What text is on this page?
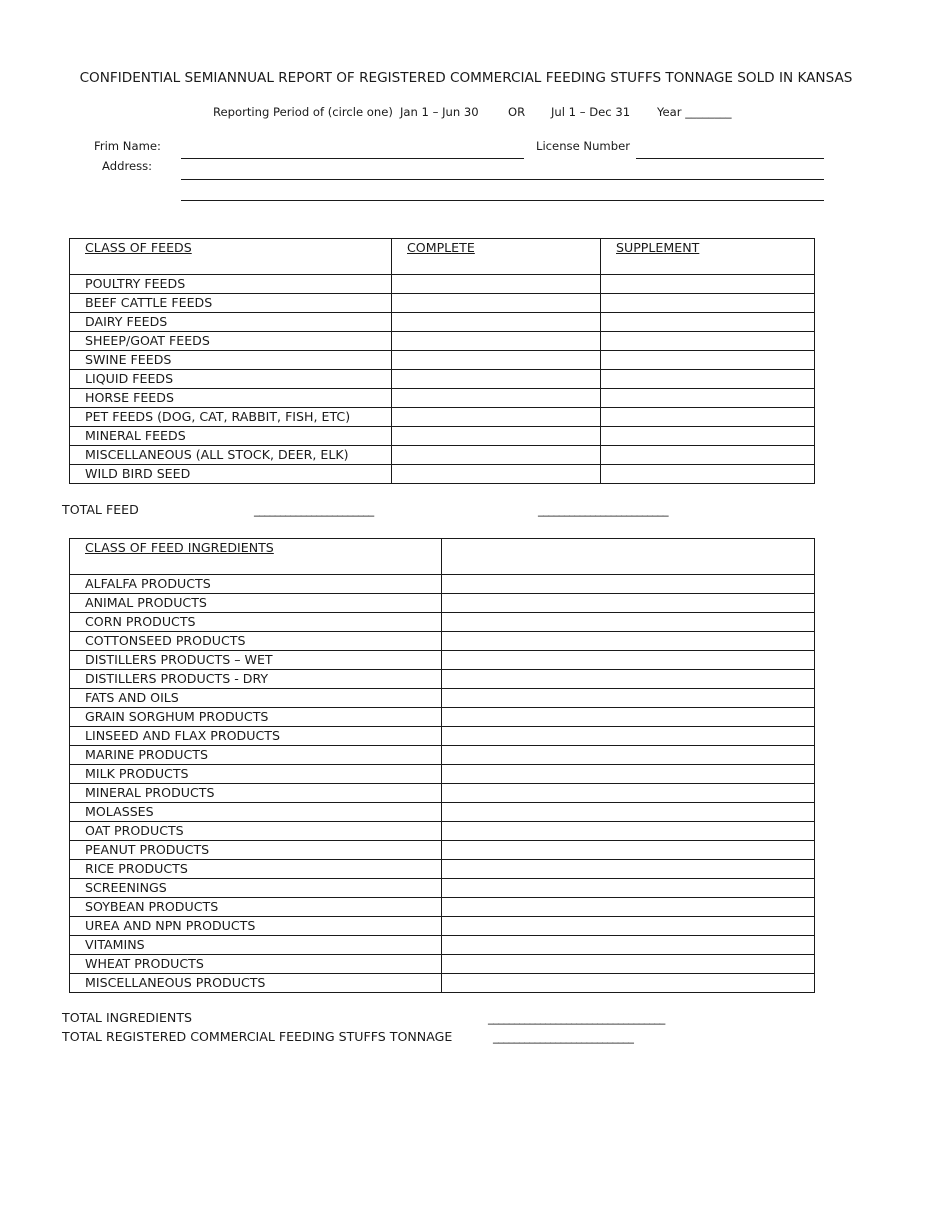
CONFIDENTIAL SEMIANNUAL REPORT OF REGISTERED COMMERCIAL FEEDING STUFFS TONNAGE SOLD IN KANSAS
Reporting Period of (circle one) Jan 1 – Jun 30	OR Jul 1 – Dec 31 Year ________
Frim Name:	License Number
Address:
CLASS OF FEEDS	COMPLETE	SUPPLEMENT
POULTRY FEEDS		
BEEF CATTLE FEEDS		
DAIRY FEEDS		
SHEEP/GOAT FEEDS		
SWINE FEEDS		
LIQUID FEEDS		
HORSE FEEDS		
PET FEEDS (DOG, CAT, RABBIT, FISH, ETC)		
MINERAL FEEDS		
MISCELLANEOUS (ALL STOCK, DEER, ELK)		
WILD BIRD SEED		
TOTAL FEED	_______________________	_________________________
CLASS OF FEED INGREDIENTS	
ALFALFA PRODUCTS	
ANIMAL PRODUCTS	
CORN PRODUCTS	
COTTONSEED PRODUCTS	
DISTILLERS PRODUCTS – WET	
DISTILLERS PRODUCTS - DRY	
FATS AND OILS	
GRAIN SORGHUM PRODUCTS	
LINSEED AND FLAX PRODUCTS	
MARINE PRODUCTS	
MILK PRODUCTS	
MINERAL PRODUCTS	
MOLASSES	
OAT PRODUCTS	
PEANUT PRODUCTS	
RICE PRODUCTS	
SCREENINGS	
SOYBEAN PRODUCTS	
UREA AND NPN PRODUCTS	
VITAMINS	
WHEAT PRODUCTS	
MISCELLANEOUS PRODUCTS	
TOTAL INGREDIENTS	__________________________________
TOTAL REGISTERED COMMERCIAL FEEDING STUFFS TONNAGE	___________________________
